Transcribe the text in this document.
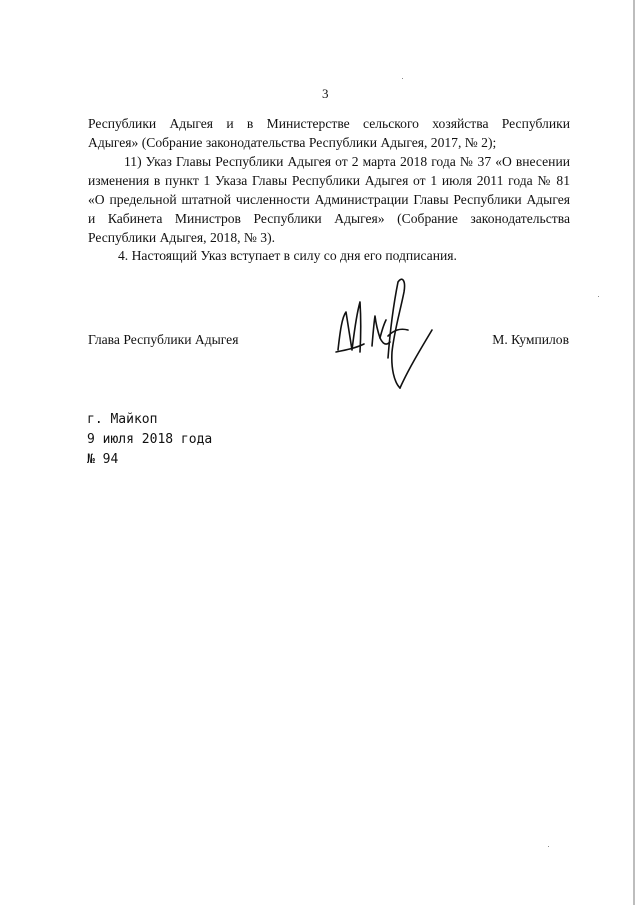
3
Республики Адыгея и в Министерстве сельского хозяйства Республики
Адыгея» (Собрание законодательства Республики Адыгея, 2017, № 2);
11) Указ Главы Республики Адыгея от 2 марта 2018 года № 37 «О внесении изменения в пункт 1 Указа Главы Республики Адыгея от 1 июля 2011 года № 81 «О предельной штатной численности Администрации Главы Республики Адыгея и Кабинета Министров Республики Адыгея» (Собрание законодательства Республики Адыгея, 2018, № 3).
4. Настоящий Указ вступает в силу со дня его подписания.
Глава Республики Адыгея	М. Кумпилов
г. Майкоп
9 июля 2018 года
№ 94
